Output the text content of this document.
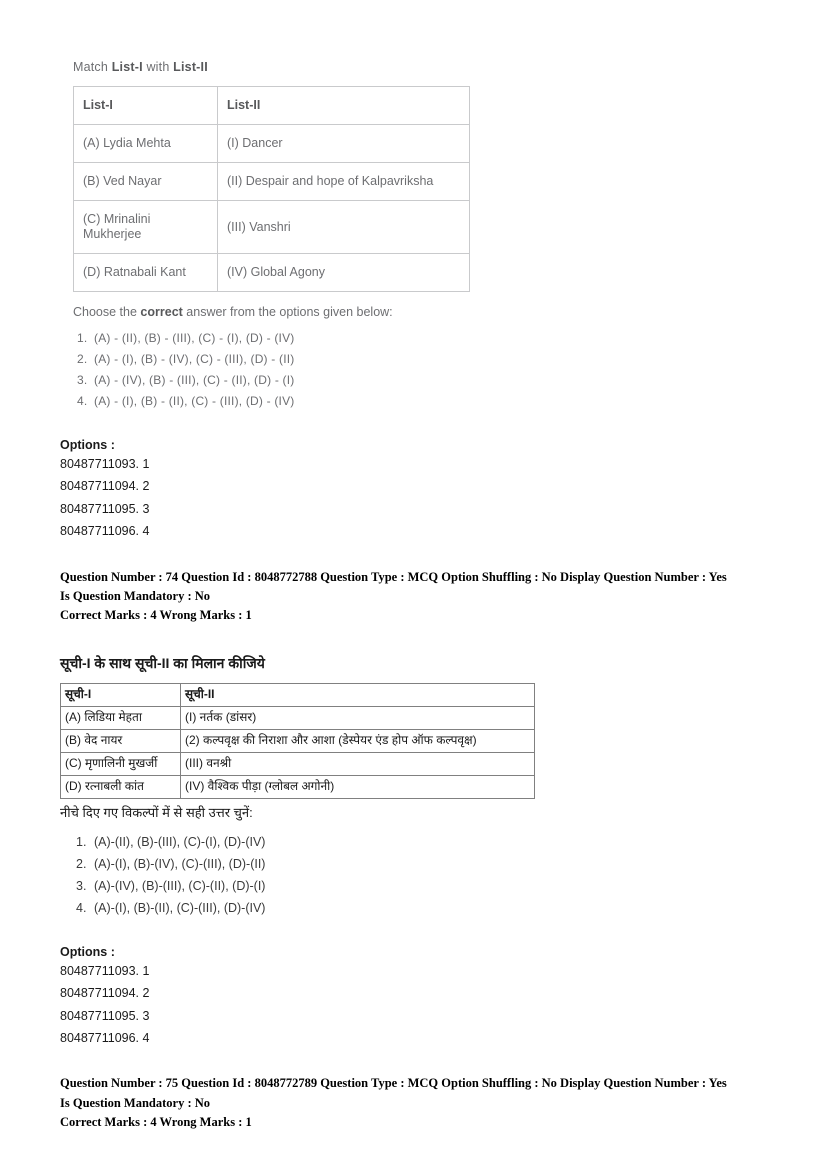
Match List-I with List-II
List-I	List-II
(A) Lydia Mehta	(I) Dancer
(B) Ved Nayar	(II) Despair and hope of Kalpavriksha
(C) Mrinalini Mukherjee	(III) Vanshri
(D) Ratnabali Kant	(IV) Global Agony
Choose the correct answer from the options given below:
1. (A) - (II), (B) - (III), (C) - (I), (D) - (IV)
2. (A) - (I), (B) - (IV), (C) - (III), (D) - (II)
3. (A) - (IV), (B) - (III), (C) - (II), (D) - (I)
4. (A) - (I), (B) - (II), (C) - (III), (D) - (IV)
Options :
80487711093. 1
80487711094. 2
80487711095. 3
80487711096. 4
Question Number : 74 Question Id : 8048772788 Question Type : MCQ Option Shuffling : No Display Question Number : Yes
Is Question Mandatory : No
Correct Marks : 4 Wrong Marks : 1
सूची-I के साथ सूची-II का मिलान कीजिये
सूची-I	सूची-II
(A) लिडिया मेहता	(I) नर्तक (डांसर)
(B) वेद नायर	(2) कल्पवृक्ष की निराशा और आशा (डेस्पेयर एंड होप ऑफ कल्पवृक्ष)
(C) मृणालिनी मुखर्जी	(III) वनश्री
(D) रत्नाबली कांत	(IV) वैश्विक पीड़ा (ग्लोबल अगोनी)
नीचे दिए गए विकल्पों में से सही उत्तर चुनें:
1. (A)-(II), (B)-(III), (C)-(I), (D)-(IV)
2. (A)-(I), (B)-(IV), (C)-(III), (D)-(II)
3. (A)-(IV), (B)-(III), (C)-(II), (D)-(I)
4. (A)-(I), (B)-(II), (C)-(III), (D)-(IV)
Options :
80487711093. 1
80487711094. 2
80487711095. 3
80487711096. 4
Question Number : 75 Question Id : 8048772789 Question Type : MCQ Option Shuffling : No Display Question Number : Yes
Is Question Mandatory : No
Correct Marks : 4 Wrong Marks : 1
